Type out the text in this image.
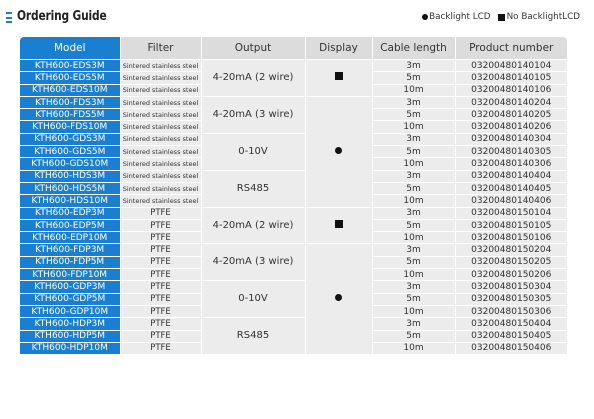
Ordering Guide	Backlight LCD No BacklightLCD
Model	Filter	Output	Display	Cable length	Product number
KTH600-EDS3M	Sintered stainless steel	4-20mA (2 wire)		3m	03200480140104
KTH600-EDS5M	Sintered stainless steel			5m	03200480140105
KTH600-EDS10M	Sintered stainless steel			10m	03200480140106
KTH600-FDS3M	Sintered stainless steel	4-20mA (3 wire)		3m	03200480140204
KTH600-FDS5M	Sintered stainless steel			5m	03200480140205
KTH600-FDS10M	Sintered stainless steel			10m	03200480140206
KTH600-GDS3M	Sintered stainless steel	0-10V		3m	03200480140304
KTH600-GDS5M	Sintered stainless steel			5m	03200480140305
KTH600-GDS10M	Sintered stainless steel			10m	03200480140306
KTH600-HDS3M	Sintered stainless steel	RS485		3m	03200480140404
KTH600-HDS5M	Sintered stainless steel			5m	03200480140405
KTH600-HDS10M	Sintered stainless steel			10m	03200480140406
KTH600-EDP3M	PTFE	4-20mA (2 wire)		3m	03200480150104
KTH600-EDP5M	PTFE			5m	03200480150105
KTH600-EDP10M	PTFE			10m	03200480150106
KTH600-FDP3M	PTFE	4-20mA (3 wire)		3m	03200480150204
KTH600-FDP5M	PTFE			5m	03200480150205
KTH600-FDP10M	PTFE			10m	03200480150206
KTH600-GDP3M	PTFE	0-10V		3m	03200480150304
KTH600-GDP5M	PTFE			5m	03200480150305
KTH600-GDP10M	PTFE			10m	03200480150306
KTH600-HDP3M	PTFE	RS485		3m	03200480150404
KTH600-HDP5M	PTFE			5m	03200480150405
KTH600-HDP10M	PTFE			10m	03200480150406
